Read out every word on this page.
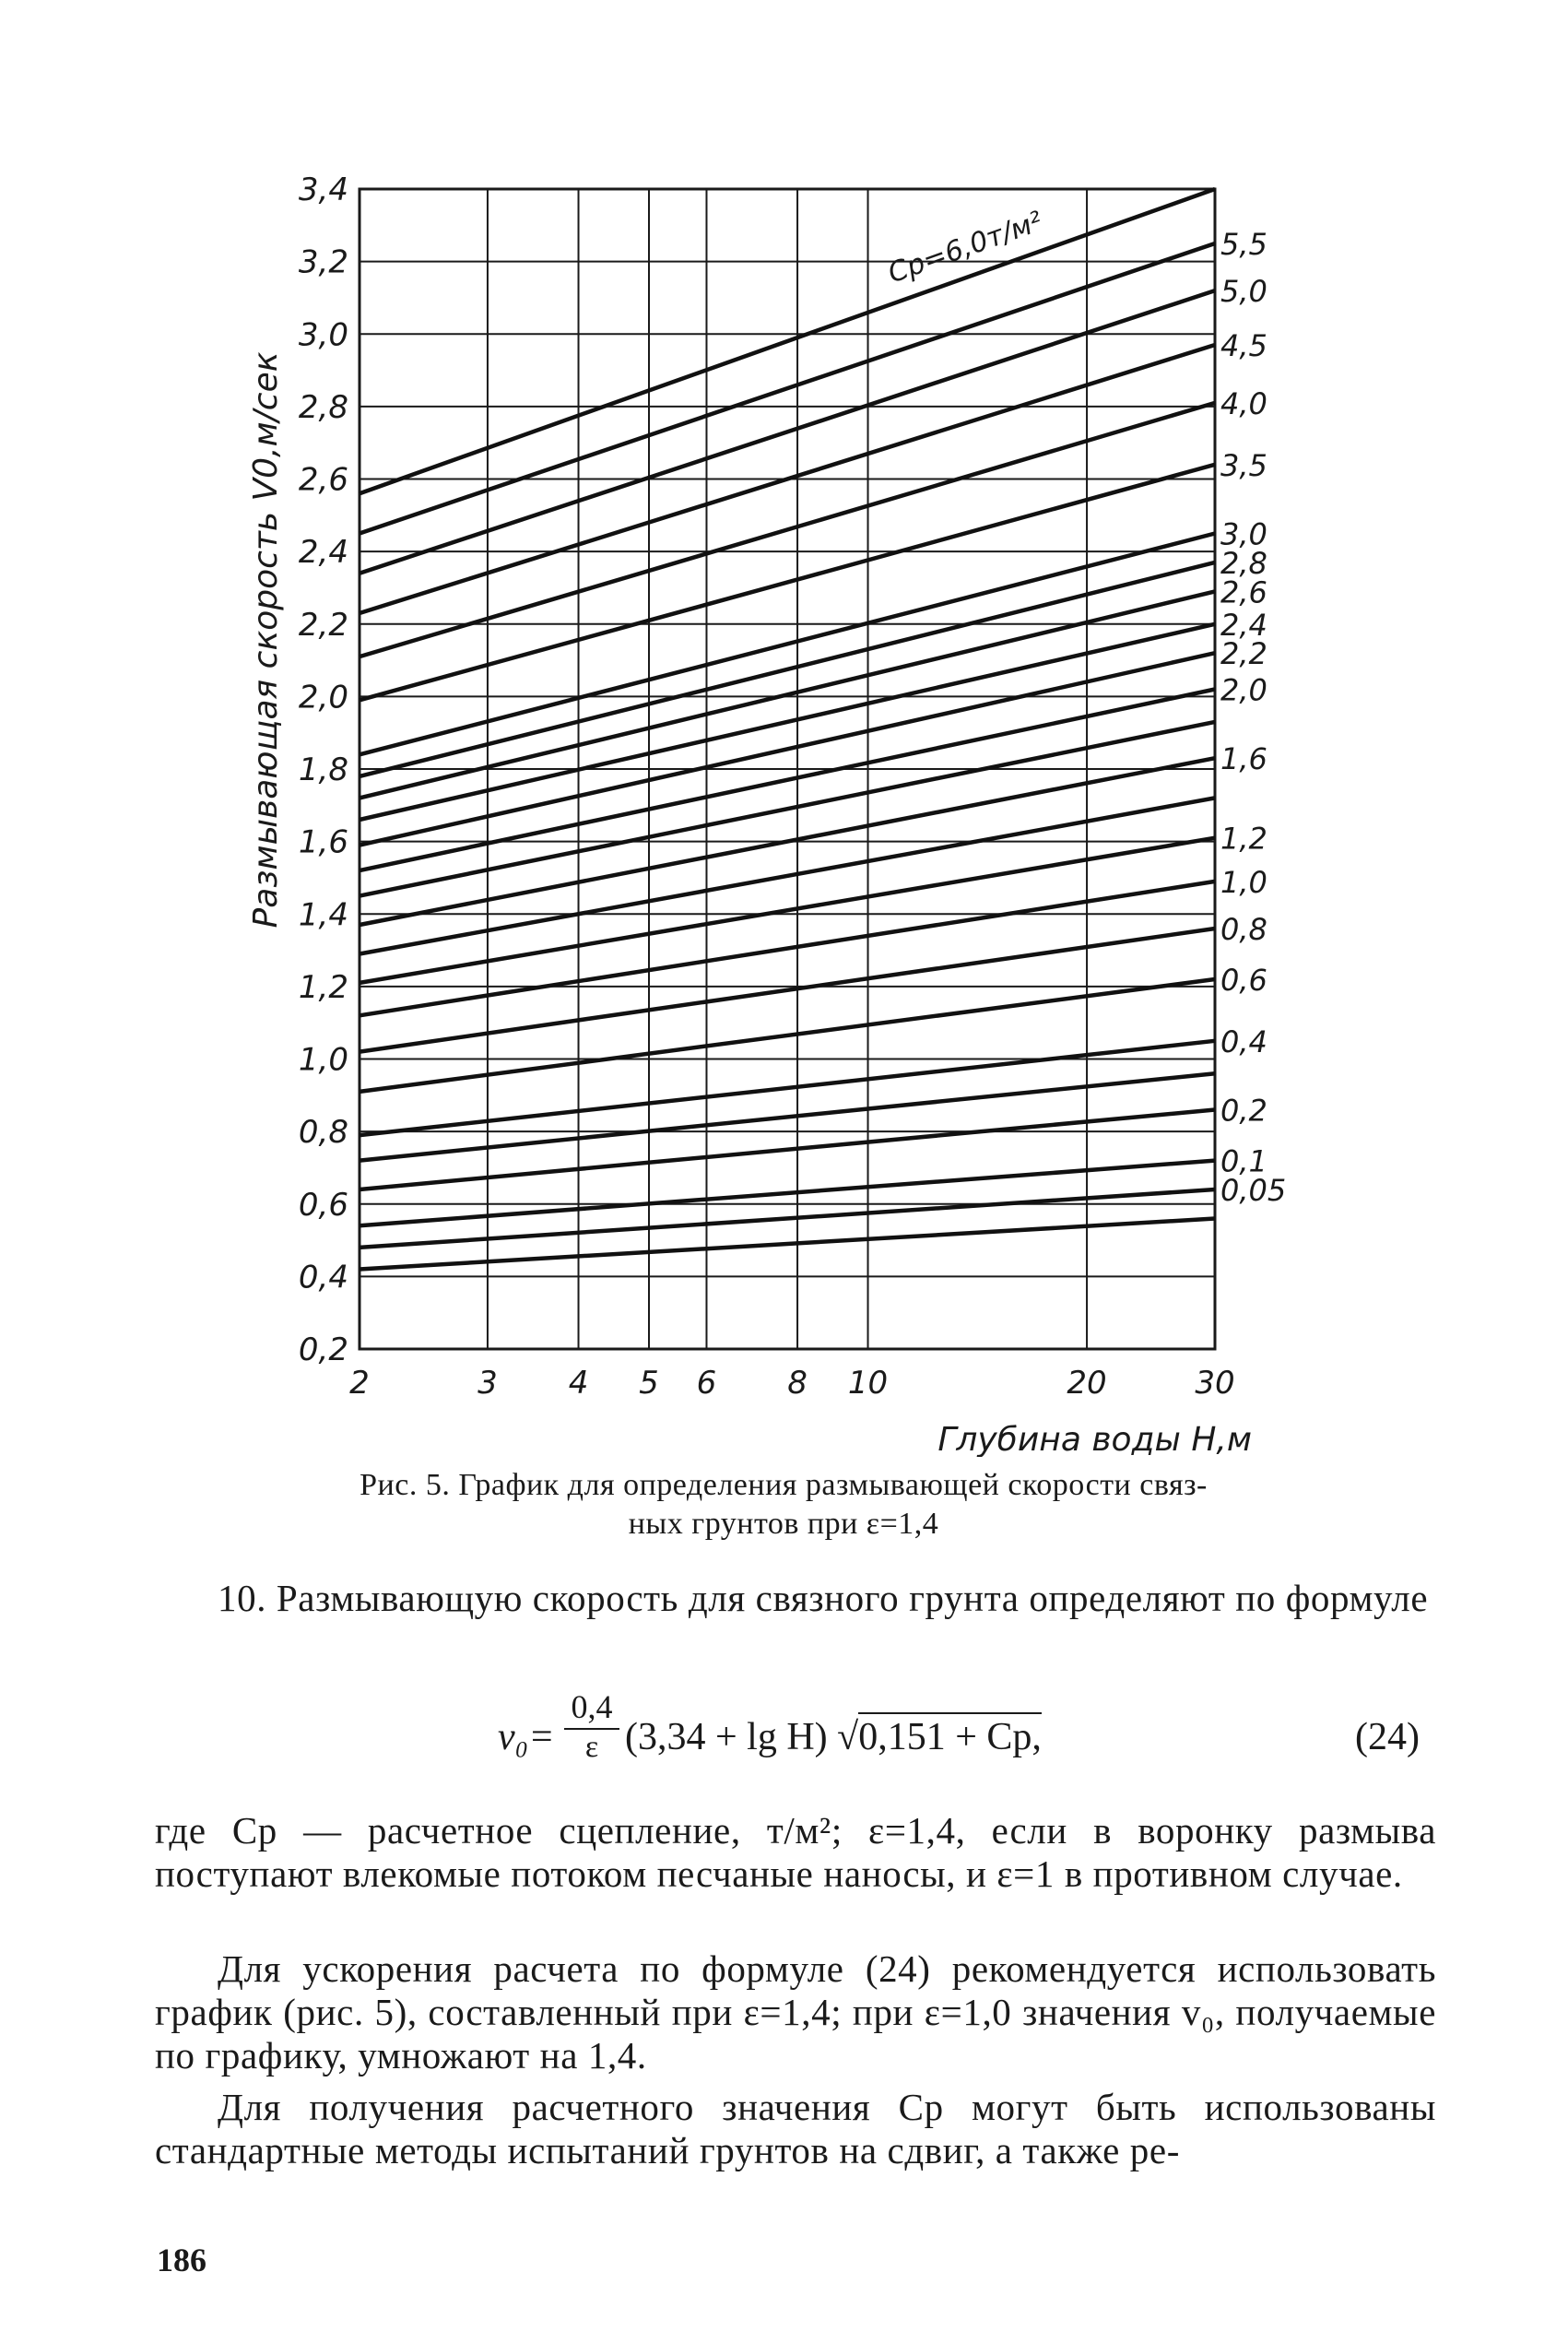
0,2
0,4
0,6
0,8
1,0
1,2
1,4
1,6
1,8
2,0
2,2
2,4
2,6
2,8
3,0
3,2
3,4
2	3 4 5 6 8 10	20	30
5,5
5,0
4,5
4,0
3,5
3,0
2,8
2,6
2,4
2,2
2,0
1,6
1,2
1,0
0,8
0,6
0,4
0,2
0,1
0,05
Cp=6,0т/м²
Глубина воды Н,м
Размывающая скорость V0,м/сек
Рис. 5. График для определения размывающей скорости связ-
ных грунтов при ε=1,4
10. Размывающую скорость для связного грунта определяют по формуле
$v_0= \frac{0,4}{\varepsilon} (3,34 + \lg H) √0,151$ + Cр,	(24)
где Cр — расчетное сцепление, т/м²; ε=1,4, если в воронку размыва поступают влекомые потоком песчаные наносы, и ε=1 в противном случае.
Для ускорения расчета по формуле (24) рекомендуется использовать график (рис. 5), составленный при ε=1,4; при ε=1,0 значения v₀, получаемые по графику, умножают на 1,4.
Для получения расчетного значения Cр могут быть использованы стандартные методы испытаний грунтов на сдвиг, а также ре-
186
